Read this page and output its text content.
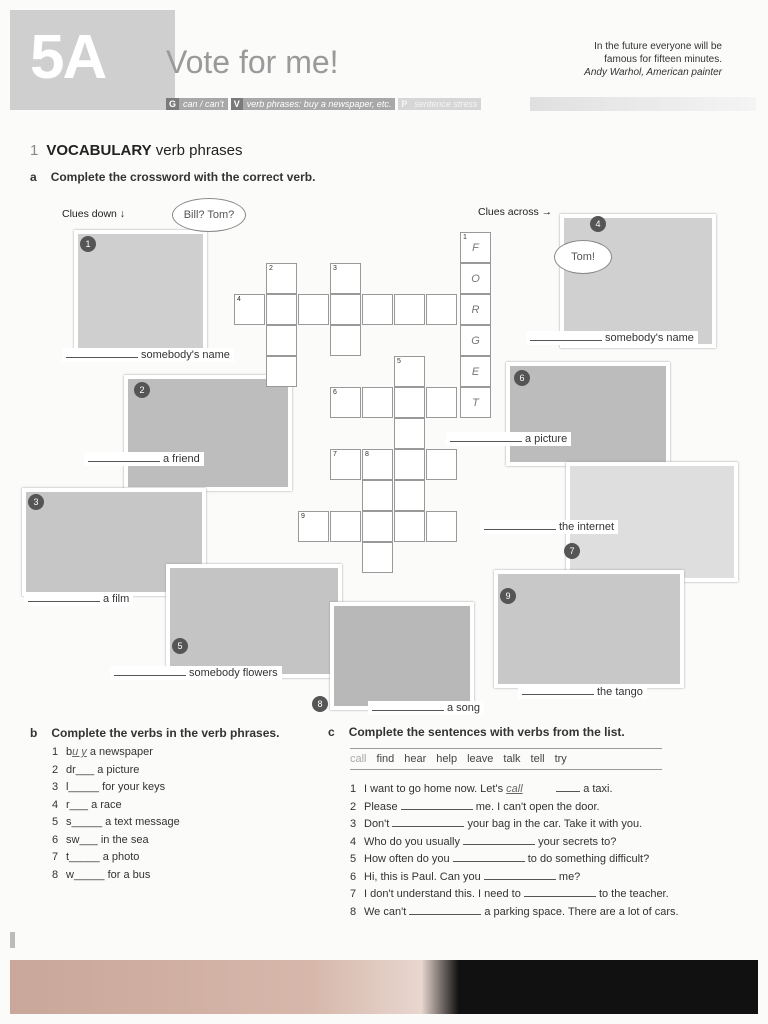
5A Vote for me!
G can / can't	V verb phrases: buy a newspaper, etc.	P sentence stress
In the future everyone will be
famous for fifteen minutes.
Andy Warhol, American painter
1 VOCABULARY verb phrases
a Complete the crossword with the correct verb.
Clues down ↓	Clues across →
Bill? Tom?
1
2
3
Tom!
4
5
6
7
8
9
somebody's name
a friend
a film
somebody's name
somebody flowers
a picture
the internet
a song
the tango
1
F
O
R
G
E
T
2	3
4
5
6
7	8
9
b Complete the verbs in the verb phrases.
1 bu y a newspaper
2 dr___ a picture
3 l_____ for your keys
4 r___ a race
5 s_____ a text message
6 sw___ in the sea
7 t_____ a photo
8 w_____ for a bus
c Complete the sentences with verbs from the list.
call find hear help leave talk tell try
1 I want to go home now. Let's call	a taxi.
2 Please	me. I can't open the door.
3 Don't	your bag in the car. Take it with you.
4 Who do you usually	your secrets to?
5 How often do you	to do something difficult?
6 Hi, this is Paul. Can you	me?
7 I don't understand this. I need to	to the teacher.
8 We can't	a parking space. There are a lot of cars.
